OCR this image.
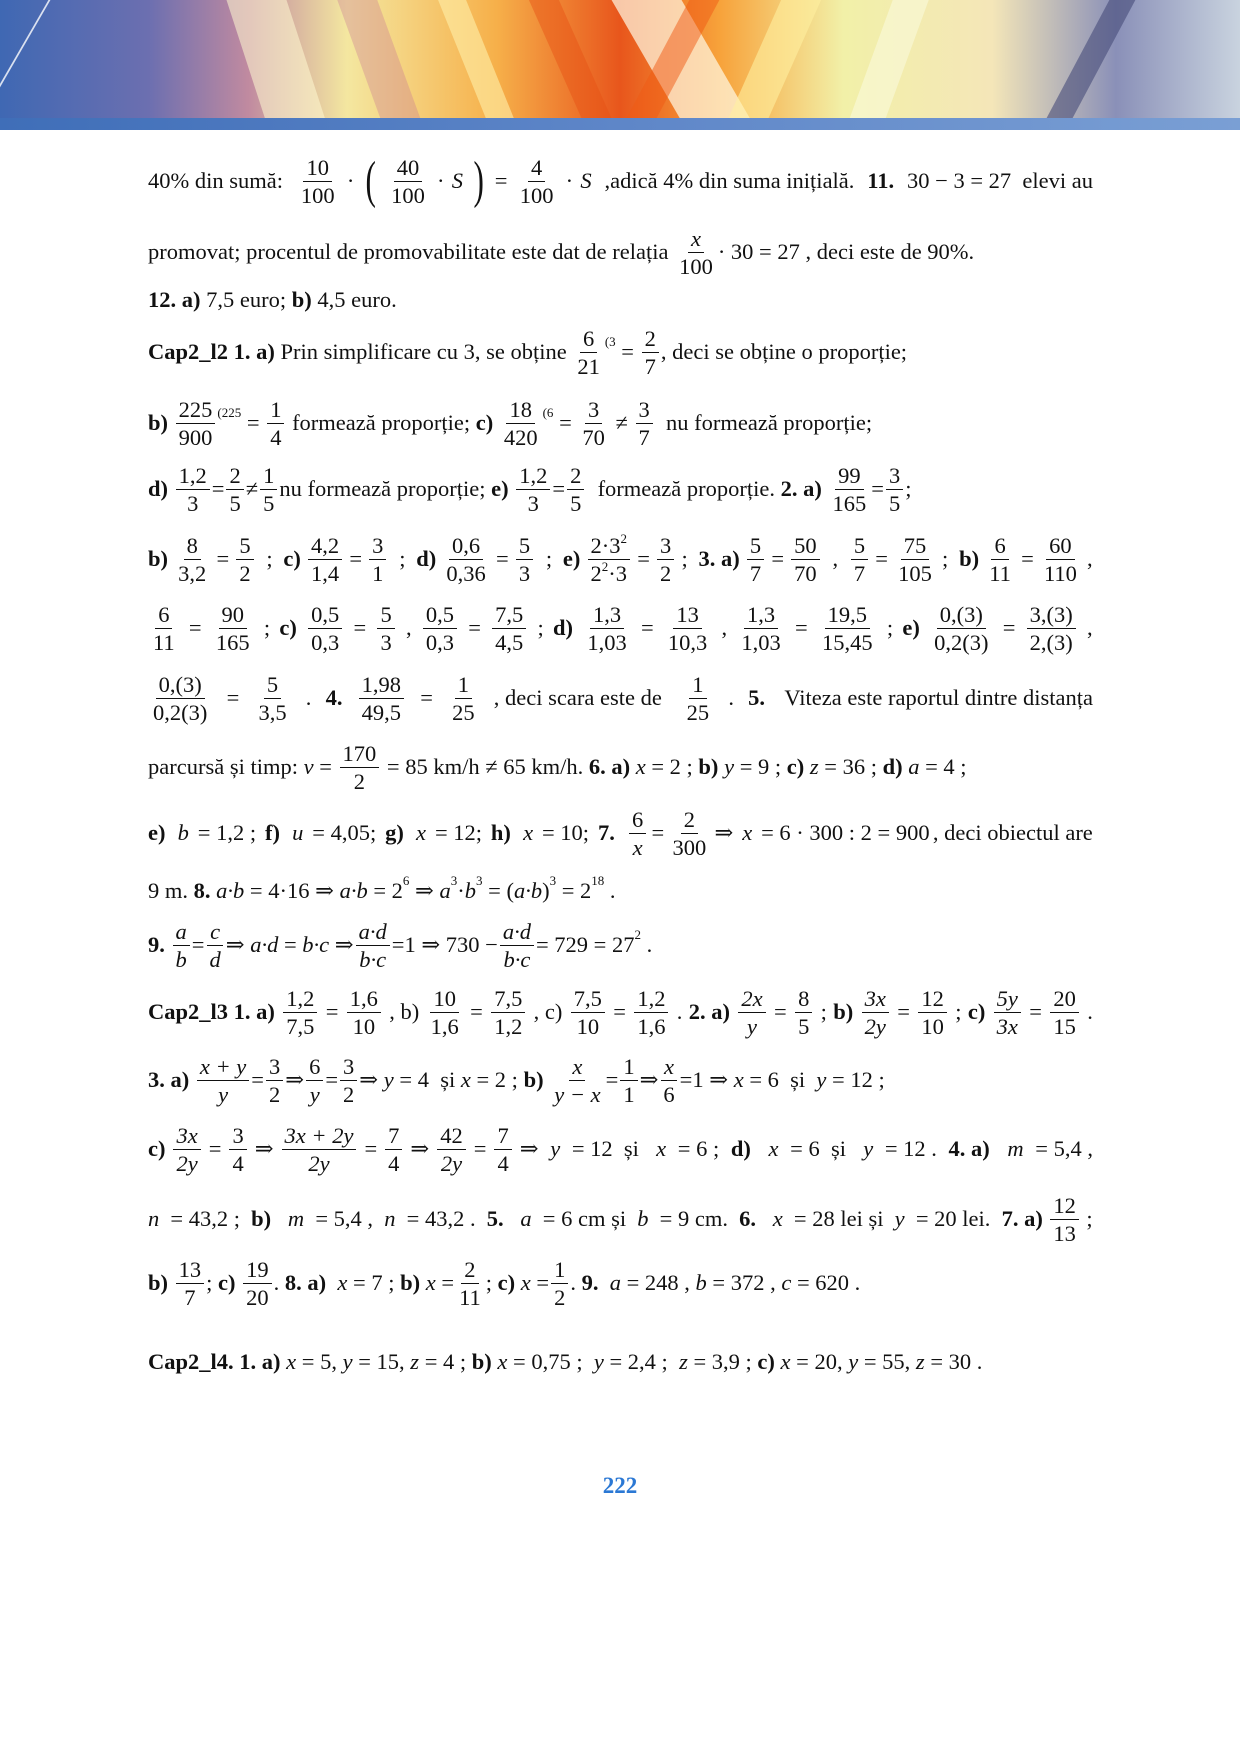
40% din sumă: $\frac{10}{100}$ · ( $\frac{40}{100} \cdot S$ ) = $\frac{4}{100} \cdot S$ ,adică 4% din suma inițială. 11. 30 − 3 = 27  elevi au
promovat; procentul de promovabilitate este dat de relația $\frac{x}{100} \cdot 30 = 27$ , deci este de 90%.
12. a) 7,5 euro; b) 4,5 euro.
Cap2_l2 1. a) Prin simplificare cu 3, se obține $\frac{6}{21} (3 = \frac{2}{7}$ , deci se obține o proporție;
$b) \frac{225}{900} (225 = \frac{1}{4}$ formează proporție; c)
$\frac{18}{420} (6 = \frac{3}{70} \ne \frac{3}{7}$ nu formează proporție;
$d) \frac{1,2}{3} = \frac{2}{5} \ne \frac{1}{5}$ nu formează proporție; e)
$\frac{1,2}{3} = \frac{2}{5}$ formează proporție. 2. a)
$\frac{99}{165} = \frac{3}{5}$ ;
$b) \frac{8}{3,2} = \frac{5}{2}$ ; $c) \frac{4,2}{1,4} = \frac{3}{1}$ ; $d) \frac{0,6}{0,36} = \frac{5}{3}$ ; $e) \frac{2\cdot 3^2}{2^2\cdot 3} = \frac{3}{2}$ ; 3. $a) \frac{5}{7} = \frac{50}{70}$ , $\frac{5}{7} = \frac{75}{105}$ ; $b) \frac{6}{11} = \frac{60}{110}$ ,
$\frac{6}{11} = \frac{90}{165}$ ; $c) \frac{0,5}{0,3} = \frac{5}{3}$ , $\frac{0,5}{0,3} = \frac{7,5}{4,5}$ ; $d) \frac{1,3}{1,03} = \frac{13}{10,3}$ , $\frac{1,3}{1,03} = \frac{19,5}{15,45}$ ; $e) \frac{0,(3)}{0,2(3)} = \frac{3,(3)}{2,(3)}$ ,
$\frac{0,(3)}{0,2(3)} = \frac{5}{3,5}$ . 4. $\frac{1,98}{49,5} = \frac{1}{25}$ , deci scara este de $\frac{1}{25}$ . 5. Viteza este raportul dintre distanța
parcursă și timp: $v = \frac{170}{2} = 85$ km/h ≠ 65 km/h. 6. a)
x = 2 ; b)
y = 9 ; c)
z = 36 ; d)
a = 4 ;
e)
b = 1,2 ; f)
u = 4,05; g)
x = 12; h)
x = 10; 7.
$\frac{6}{x} = \frac{2}{300}$ ⇒ x = 6 · 300 : 2 = 900 , deci obiectul are
9 m. 8.
a·b = 4·16 ⇒ a·b = 2 6 ⇒ a 3 · b 3 = ( a·b ) 3 = 2 18 .
9.
$\frac{a}{b} = \frac{c}{d}$ ⇒ a·d = b·c ⇒ $\frac{a\cdot d}{b\cdot c} =1$ ⇒ $730 - \frac{a\cdot d}{b\cdot c} = 729 = 27$ 2 .
Cap2_l3 1. $a) \frac{1,2}{7,5} = \frac{1,6}{10}$ , $b) \frac{10}{1,6} = \frac{7,5}{1,2}$ , $c) \frac{7,5}{10} = \frac{1,2}{1,6}$ . 2. $a) \frac{2x}{y} = \frac{8}{5}$ ; $b) \frac{3x}{2y} = \frac{12}{10}$ ; $c) \frac{5y}{3x} = \frac{20}{15}$ .
3. a)
$\frac{x + y}{y} = \frac{3}{2}$ ⇒ $\frac{6}{y} = \frac{3}{2}$ ⇒ y = 4  și x = 2 ; b)
$\frac{x}{y - x} = \frac{1}{1}$ ⇒ $\frac{x}{6} =1$ ⇒ x = 6  și y = 12 ;
$c) \frac{3x}{2y} = \frac{3}{4}$ ⇒ $\frac{3x + 2y}{2y} = \frac{7}{4}$ ⇒ $\frac{42}{2y} = \frac{7}{4}$ ⇒ y = 12  și x = 6 ; d)
x = 6  și y = 12 . 4. a)
m = 5,4 ,
n = 43,2 ; b)
m = 5,4 , n = 43,2 . 5.
a = 6 cm și b = 9 cm. 6.
x = 28 lei și y = 20 lei. 7. $a) \frac{12}{13}$ ;
b)
$\frac{13}{7}$ ; c)
$\frac{19}{20}$ . 8. a)
x = 7 ; b)
$x = \frac{2}{11}$ ; c)
$x = \frac{1}{2}$ . 9.
a = 248 , b = 372 , c = 620 .
Cap2_l4. 1. a)
x = 5, y = 15, z = 4 ; b)
x = 0,75 ; y = 2,4 ; z = 3,9 ; c)
x = 20, y = 55, z = 30 .
222
